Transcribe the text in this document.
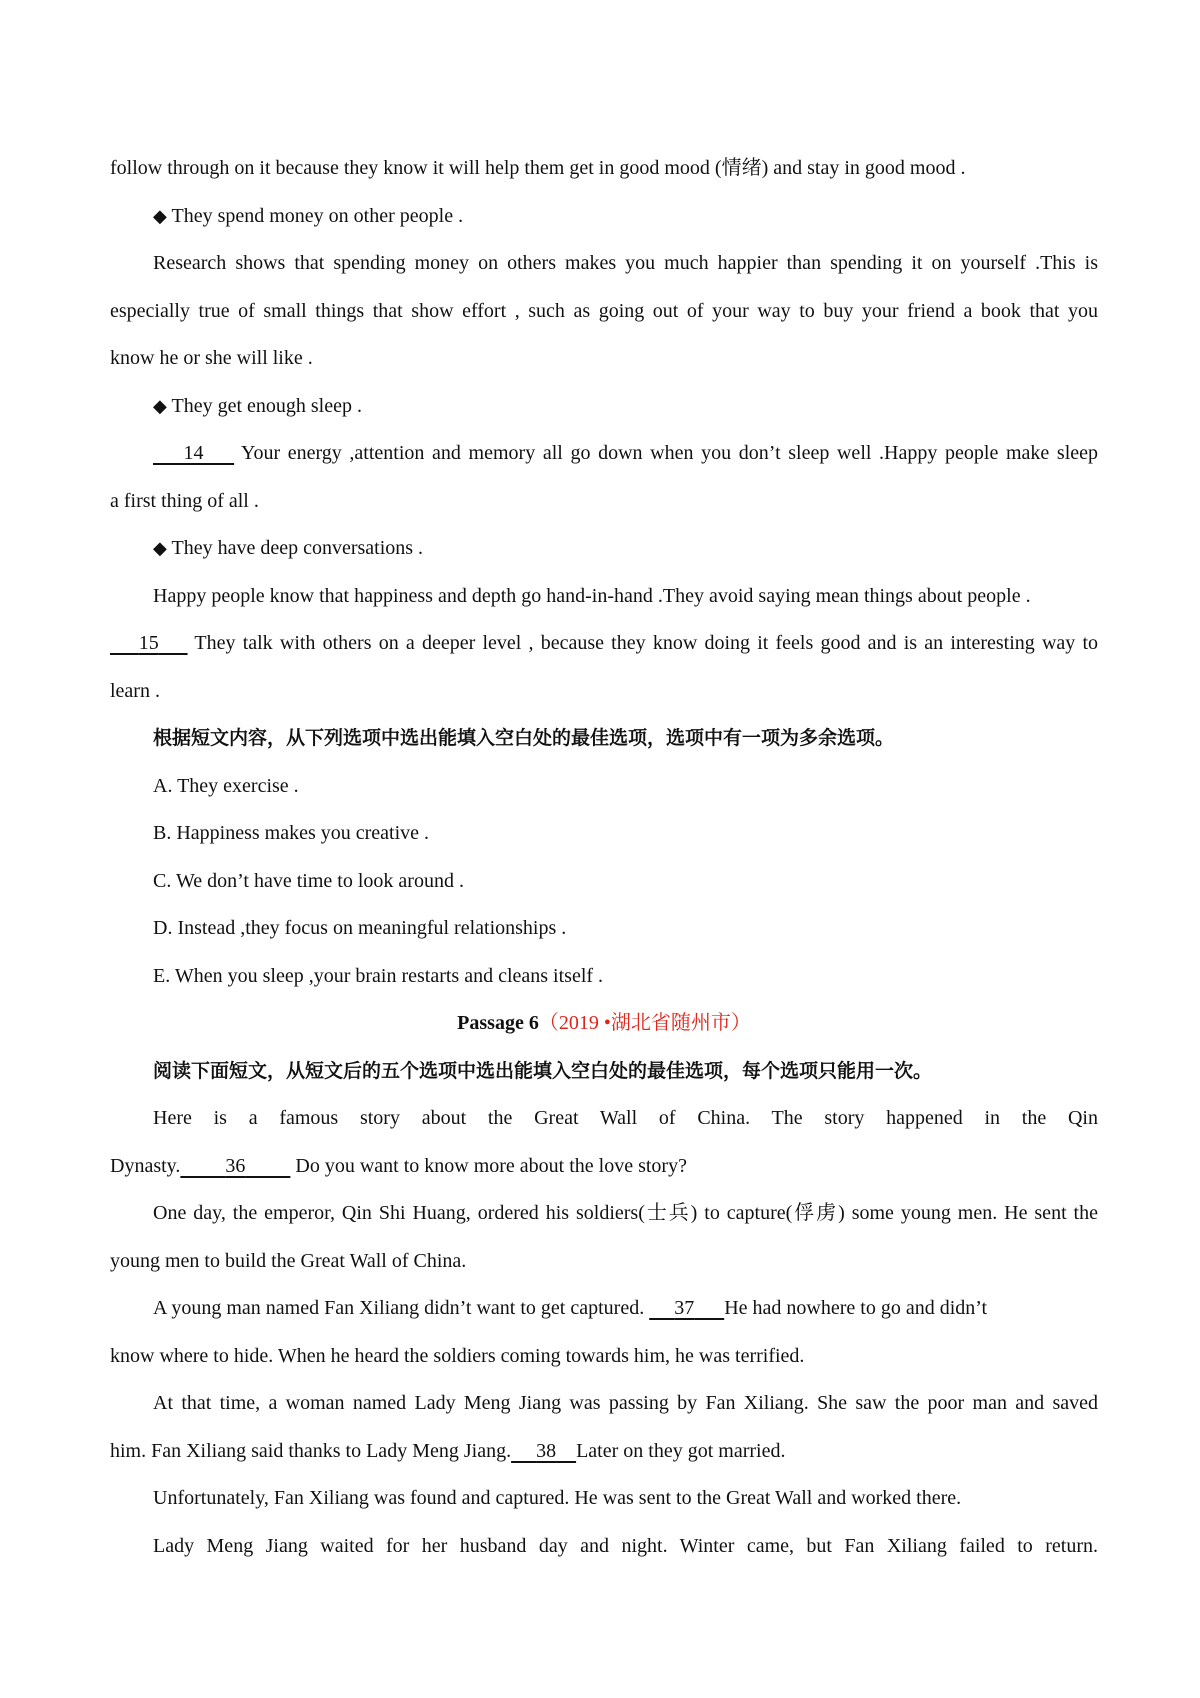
follow through on it because they know it will help them get in good mood (情绪) and stay in good mood .
◆ They spend money on other people .
Research shows that spending money on others makes you much happier than spending it on yourself .This is
especially true of small things that show effort , such as going out of your way to buy your friend a book that you
know he or she will like .
◆ They get enough sleep .
14 Your energy ,attention and memory all go down when you don’t sleep well .Happy people make sleep
a first thing of all .
◆ They have deep conversations .
Happy people know that happiness and depth go hand-in-hand .They avoid saying mean things about people .
15 They talk with others on a deeper level , because they know doing it feels good and is an interesting way to
learn .
根据短文内容，从下列选项中选出能填入空白处的最佳选项，选项中有一项为多余选项。
A. They exercise .
B. Happiness makes you creative .
C. We don’t have time to look around .
D. Instead ,they focus on meaningful relationships .
E. When you sleep ,your brain restarts and cleans itself .
Passage 6（2019 •湖北省随州市）
阅读下面短文，从短文后的五个选项中选出能填入空白处的最佳选项，每个选项只能用一次。
Here is a famous story about the Great Wall of China. The story happened in the Qin
Dynasty. 36          Do you want to know more about the love story?
One day, the emperor, Qin Shi Huang, ordered his soldiers(士兵) to capture(俘虏) some young men. He sent the
young men to build the Great Wall of China.
A young man named Fan Xiliang didn’t want to get captured.      37 He had nowhere to go and didn’t
know where to hide. When he heard the soldiers coming towards him, he was terrified.
At that time, a woman named Lady Meng Jiang was passing by Fan Xiliang. She saw the poor man and saved
him. Fan Xiliang said thanks to Lady Meng Jiang. 38 Later on they got married.
Unfortunately, Fan Xiliang was found and captured. He was sent to the Great Wall and worked there.
Lady Meng Jiang waited for her husband day and night. Winter came, but Fan Xiliang failed to return.
